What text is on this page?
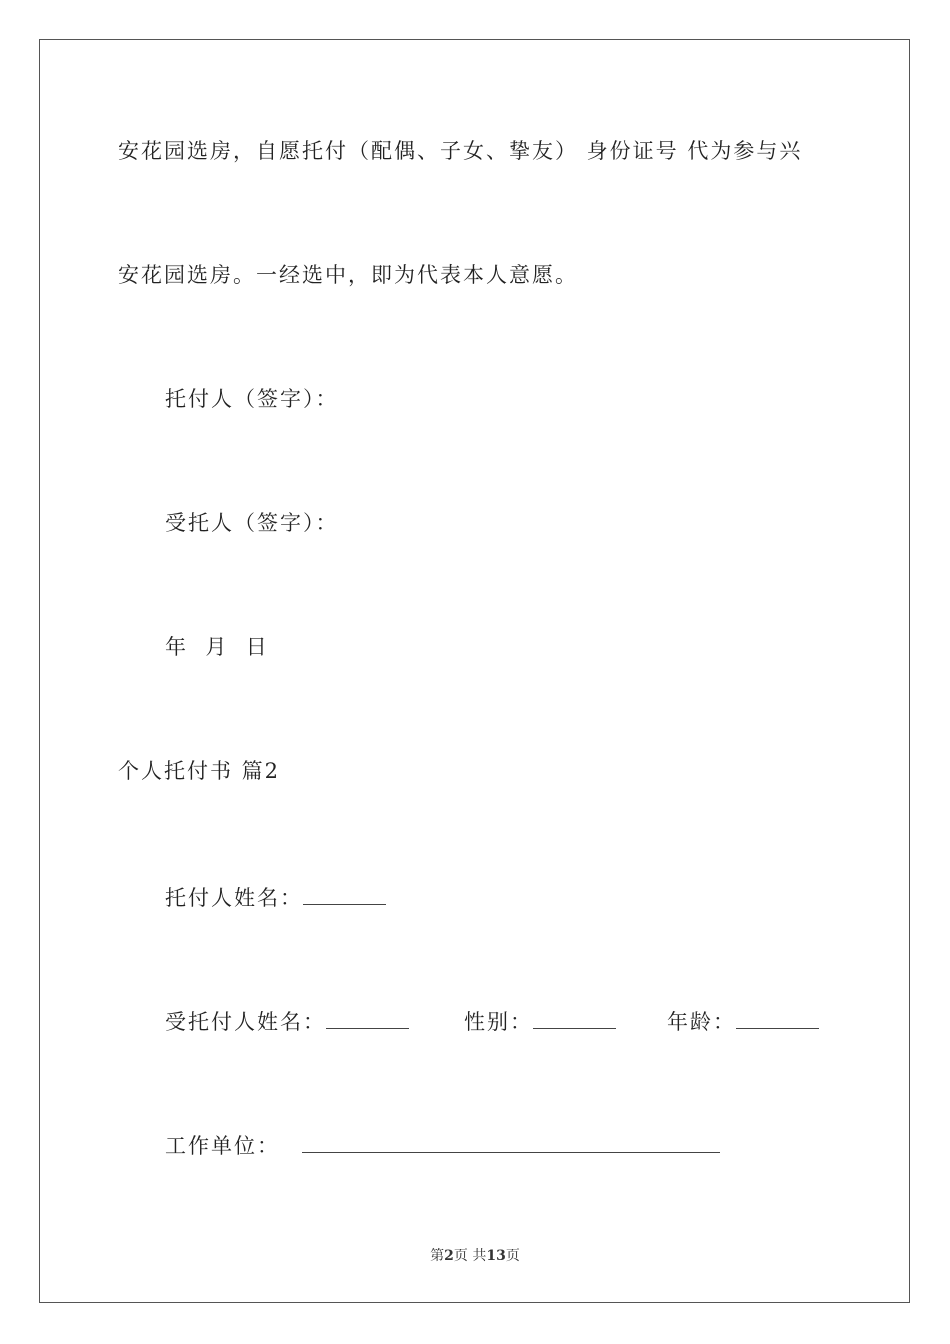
安花园选房，自愿托付（配偶、子女、挚友） 身份证号 代为参与兴
安花园选房。一经选中，即为代表本人意愿。
托付人（签字）：
受托人（签字）：
年  月  日
个人托付书 篇2
托付人姓名：
受托付人姓名：	性别：	年龄：
工作单位：
第2页 共13页
